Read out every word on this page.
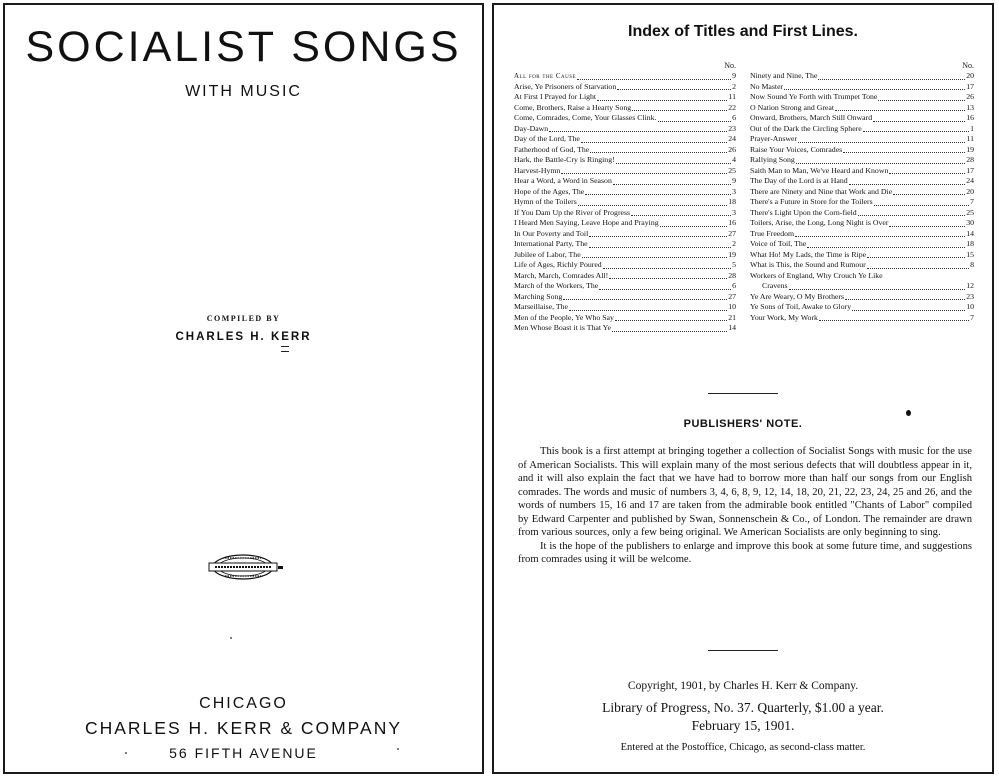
SOCIALIST SONGS
WITH MUSIC
COMPILED BY
CHARLES H. KERR
CHICAGO
CHARLES H. KERR & COMPANY
56 FIFTH AVENUE
Index of Titles and First Lines.
No.
All for the Cause	9
Arise, Ye Prisoners of Starvation	2
At First I Prayed for Light	11
Come, Brothers, Raise a Hearty Song	22
Come, Comrades, Come, Your Glasses Clink.	6
Day-Dawn	23
Day of the Lord, The	24
Fatherhood of God, The	26
Hark, the Battle-Cry is Ringing!	4
Harvest-Hymn	25
Hear a Word, a Word in Season	9
Hope of the Ages, The	3
Hymn of the Toilers	18
If You Dam Up the River of Progress	3
I Heard Men Saying, Leave Hope and Praying	16
In Our Poverty and Toil	27
International Party, The	2
Jubilee of Labor, The	19
Life of Ages, Richly Poured	5
March, March, Comrades All!	28
March of the Workers, The	6
Marching Song	27
Marseillaise, The	10
Men of the People, Ye Who Say	21
Men Whose Boast it is That Ye	14
No.
Ninety and Nine, The	20
No Master	17
Now Sound Ye Forth with Trumpet Tone	26
O Nation Strong and Great	13
Onward, Brothers, March Still Onward	16
Out of the Dark the Circling Sphere	1
Prayer-Answer	11
Raise Your Voices, Comrades	19
Rallying Song	28
Saith Man to Man, We've Heard and Known	17
The Day of the Lord is at Hand	24
There are Ninety and Nine that Work and Die	20
There's a Future in Store for the Toilers	7
There's Light Upon the Corn-field	25
Toilers, Arise, the Long, Long Night is Over	30
True Freedom	14
Voice of Toil, The	18
What Ho! My Lads, the Time is Ripe	15
What is This, the Sound and Rumour	8
Workers of England, Why Crouch Ye Like
Cravens	12
Ye Are Weary, O My Brothers	23
Ye Sons of Toil, Awake to Glory	10
Your Work, My Work	7
PUBLISHERS' NOTE.

This book is a first attempt at bringing together a collection of Socialist Songs with music for the use of American Socialists. This will explain many of the most serious defects that will doubtless appear in it, and it will also explain the fact that we have had to borrow more than half our songs from our English comrades. The words and music of numbers 3, 4, 6, 8, 9, 12, 14, 18, 20, 21, 22, 23, 24, 25 and 26, and the words of numbers 15, 16 and 17 are taken from the admirable book entitled "Chants of Labor" compiled by Edward Carpenter and published by Swan, Sonnenschein & Co., of London. The remainder are drawn from various sources, only a few being original. We American Socialists are only beginning to sing.

It is the hope of the publishers to enlarge and improve this book at some future time, and suggestions from comrades using it will be welcome.

Copyright, 1901, by Charles H. Kerr & Company.
Library of Progress, No. 37. Quarterly, $1.00 a year.
February 15, 1901.
Entered at the Postoffice, Chicago, as second-class matter.
